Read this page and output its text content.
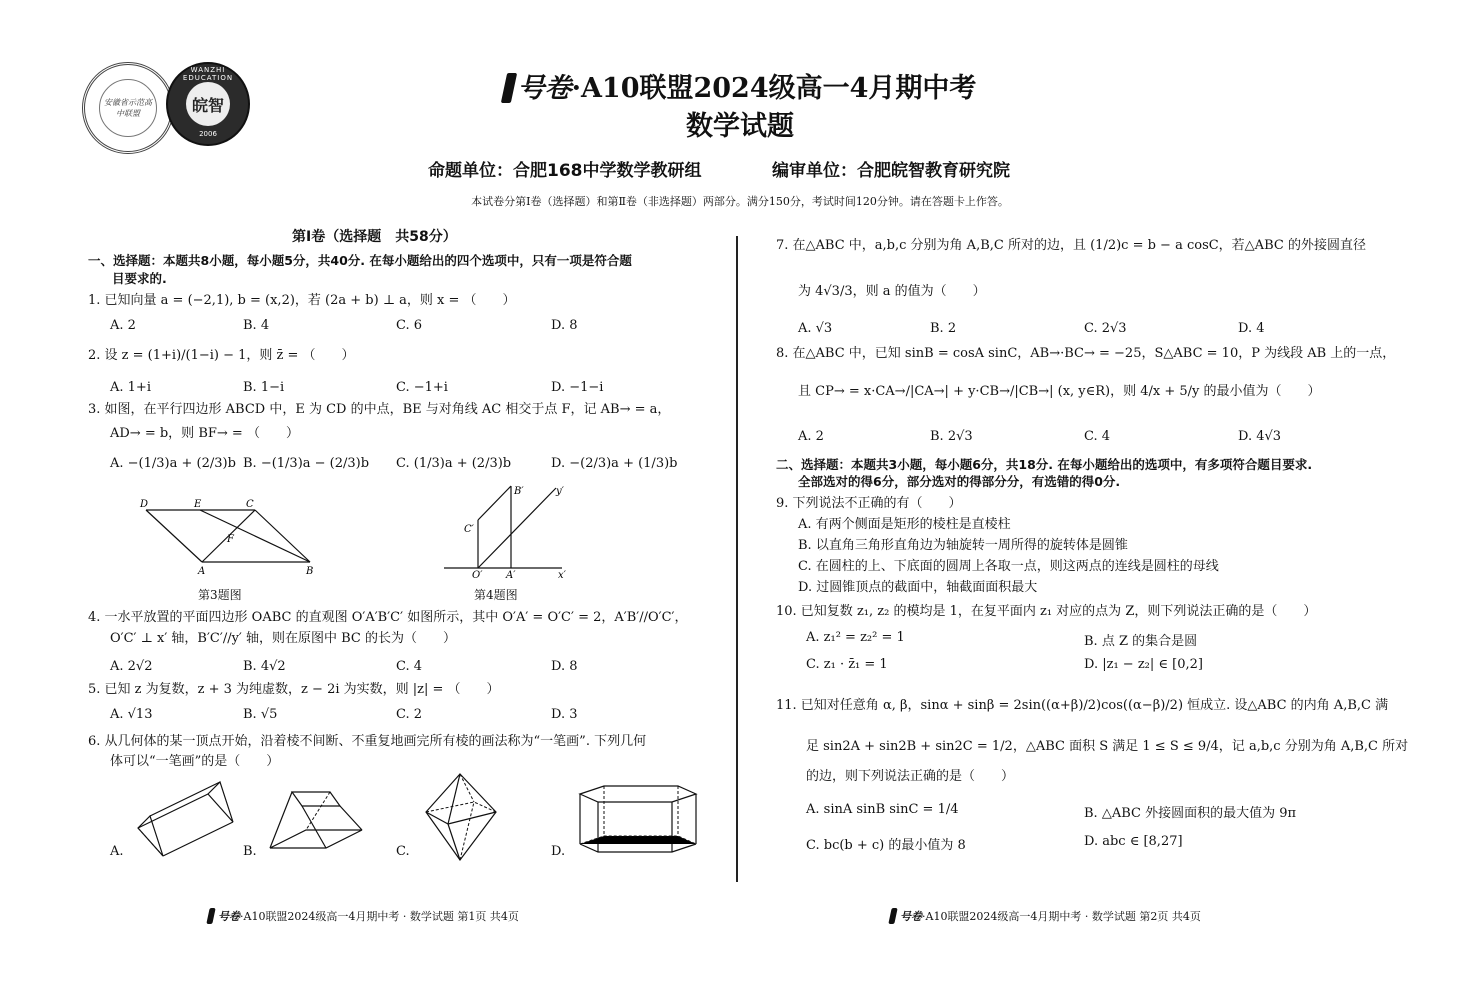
安徽省示范高中联盟
WANZHI EDUCATION
皖智
2006
号卷·A10联盟2024级高一4月期中考
数学试题
命题单位：合肥168中学数学教研组	编审单位：合肥皖智教育研究院
本试卷分第Ⅰ卷（选择题）和第Ⅱ卷（非选择题）两部分。满分150分，考试时间120分钟。请在答题卡上作答。
第Ⅰ卷（选择题　共58分）
一、选择题：本题共8小题，每小题5分，共40分. 在每小题给出的四个选项中，只有一项是符合题
目要求的.
1. 已知向量 a = (−2,1), b = (x,2)，若 (2a + b) ⊥ a，则 x = （　　）
A. 2	B. 4	C. 6	D. 8
2. 设 z = (1+i)/(1−i) − 1，则 z̄ = （　　）
A. 1+i	B. 1−i	C. −1+i	D. −1−i
3. 如图，在平行四边形 ABCD 中，E 为 CD 的中点，BE 与对角线 AC 相交于点 F，记 AB→ = a，
AD→ = b，则 BF→ = （　　）
A. −(1/3)a + (2/3)b B. −(1/3)a − (2/3)b C. (1/3)a + (2/3)b	D. −(2/3)a + (1/3)b
D	E	C
F
A	B
第3题图
B′	y′
C′
O′ A′	x′
第4题图
4. 一水平放置的平面四边形 OABC 的直观图 O′A′B′C′ 如图所示，其中 O′A′ = O′C′ = 2，A′B′//O′C′，
O′C′ ⊥ x′ 轴，B′C′//y′ 轴，则在原图中 BC 的长为（　　）
A. 2√2	B. 4√2	C. 4	D. 8
5. 已知 z 为复数，z + 3 为纯虚数，z − 2i 为实数，则 |z| = （　　）
A. √13	B. √5	C. 2	D. 3
6. 从几何体的某一顶点开始，沿着棱不间断、不重复地画完所有棱的画法称为“一笔画”. 下列几何
体可以“一笔画”的是（　　）
A.	B.	C.	D.
7. 在△ABC 中，a,b,c 分别为角 A,B,C 所对的边，且 (1/2)c = b − a cosC，若△ABC 的外接圆直径
为 4√3/3，则 a 的值为（　　）
A. √3	B. 2	C. 2√3	D. 4
8. 在△ABC 中，已知 sinB = cosA sinC，AB→·BC→ = −25，S△ABC = 10，P 为线段 AB 上的一点，
且 CP→ = x·CA→/|CA→| + y·CB→/|CB→| (x, y∈R)，则 4/x + 5/y 的最小值为（　　）
A. 2	B. 2√3	C. 4	D. 4√3
二、选择题：本题共3小题，每小题6分，共18分. 在每小题给出的选项中，有多项符合题目要求.
全部选对的得6分，部分选对的得部分分，有选错的得0分.
9. 下列说法不正确的有（　　）
A. 有两个侧面是矩形的棱柱是直棱柱
B. 以直角三角形直角边为轴旋转一周所得的旋转体是圆锥
C. 在圆柱的上、下底面的圆周上各取一点，则这两点的连线是圆柱的母线
D. 过圆锥顶点的截面中，轴截面面积最大
10. 已知复数 z₁, z₂ 的模均是 1，在复平面内 z₁ 对应的点为 Z，则下列说法正确的是（　　）
A. z₁² = z₂² = 1	B. 点 Z 的集合是圆
C. z₁ · z̄₁ = 1	D. |z₁ − z₂| ∈ [0,2]
11. 已知对任意角 α, β，sinα + sinβ = 2sin((α+β)/2)cos((α−β)/2) 恒成立. 设△ABC 的内角 A,B,C 满
足 sin2A + sin2B + sin2C = 1/2，△ABC 面积 S 满足 1 ≤ S ≤ 9/4，记 a,b,c 分别为角 A,B,C 所对
的边，则下列说法正确的是（　　）
A. sinA sinB sinC = 1/4	B. △ABC 外接圆面积的最大值为 9π
C. bc(b + c) 的最小值为 8	D. abc ∈ [8,27]
号卷·A10联盟2024级高一4月期中考 · 数学试题 第1页 共4页	号卷·A10联盟2024级高一4月期中考 · 数学试题 第2页 共4页
